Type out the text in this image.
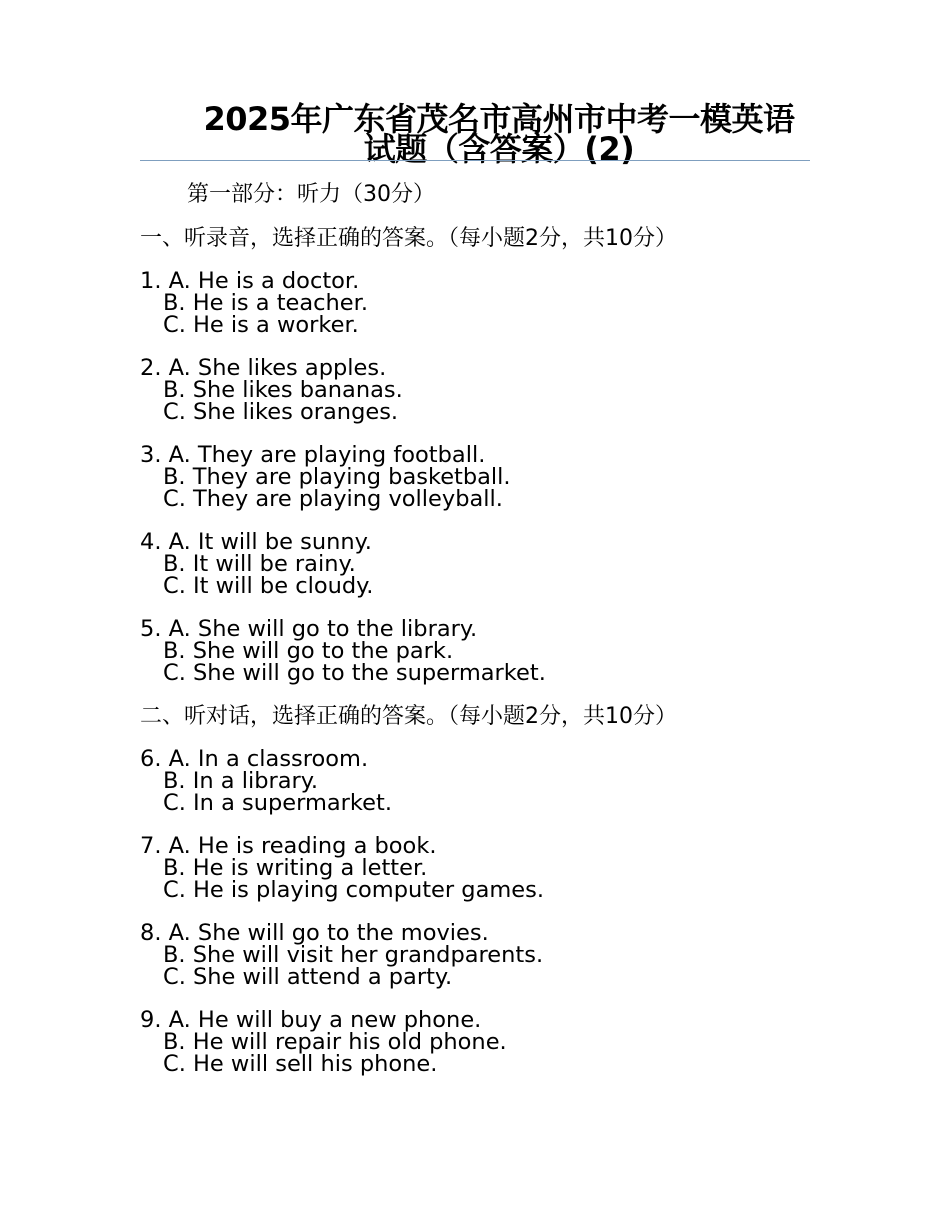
2025年广东省茂名市高州市中考一模英语试题（含答案）(2)

第一部分：听力（30分）

一、听录音，选择正确的答案。（每小题2分，共10分）

1. A. He is a doctor.
B. He is a teacher.
C. He is a worker.
2. A. She likes apples.
B. She likes bananas.
C. She likes oranges.
3. A. They are playing football.
B. They are playing basketball.
C. They are playing volleyball.
4. A. It will be sunny.
B. It will be rainy.
C. It will be cloudy.
5. A. She will go to the library.
B. She will go to the park.
C. She will go to the supermarket.

二、听对话，选择正确的答案。（每小题2分，共10分）

6. A. In a classroom.
B. In a library.
C. In a supermarket.
7. A. He is reading a book.
B. He is writing a letter.
C. He is playing computer games.
8. A. She will go to the movies.
B. She will visit her grandparents.
C. She will attend a party.
9. A. He will buy a new phone.
B. He will repair his old phone.
C. He will sell his phone.
